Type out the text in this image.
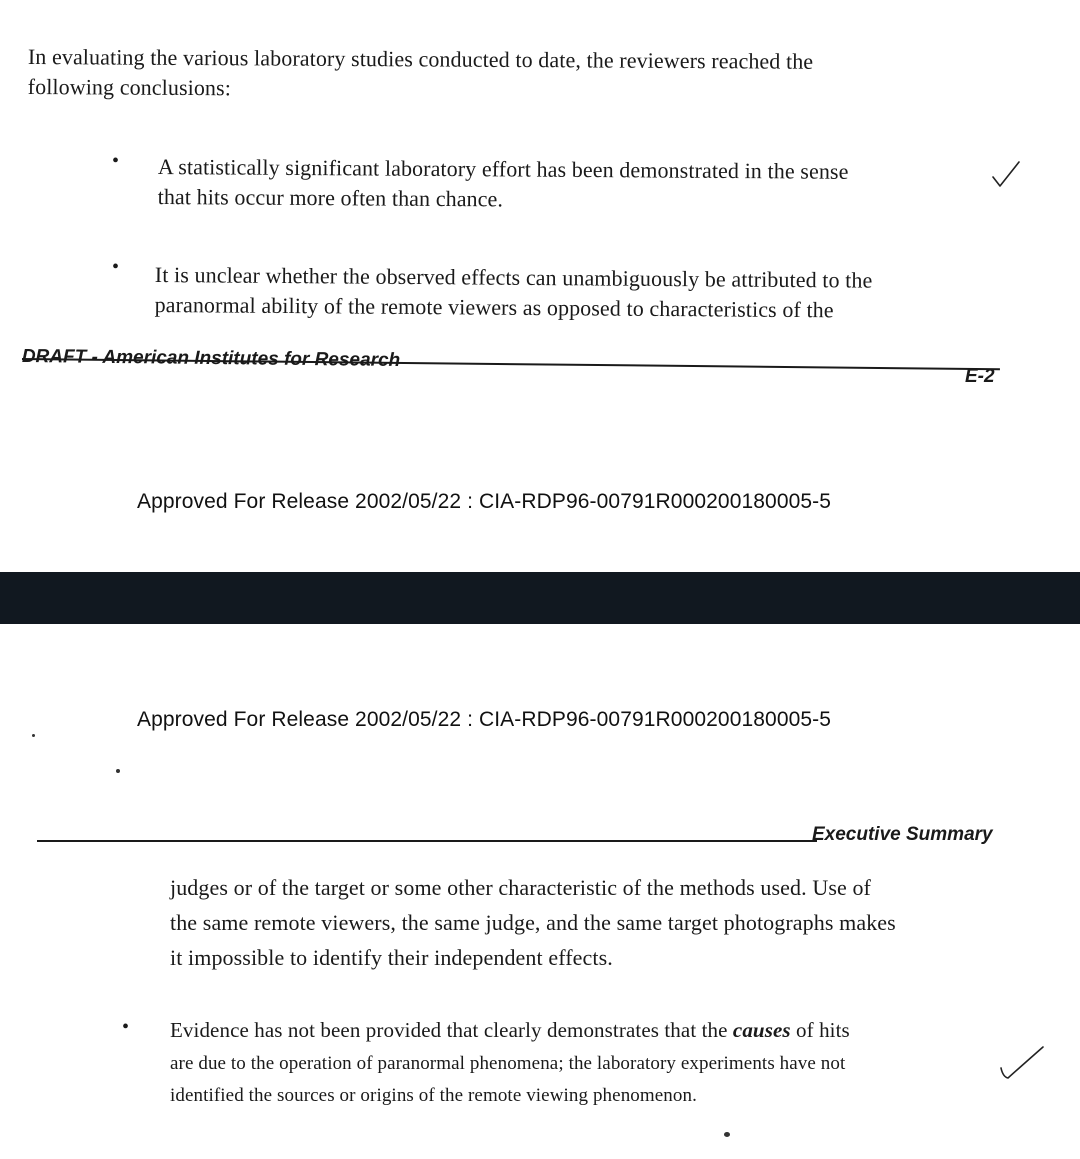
In evaluating the various laboratory studies conducted to date, the reviewers reached the
following conclusions:
• A statistically significant laboratory effort has been demonstrated in the sense
that hits occur more often than chance.
• It is unclear whether the observed effects can unambiguously be attributed to the
paranormal ability of the remote viewers as opposed to characteristics of the
DRAFT - American Institutes for Research
E-2
Approved For Release 2002/05/22 : CIA-RDP96-00791R000200180005-5
Approved For Release 2002/05/22 : CIA-RDP96-00791R000200180005-5
Executive Summary
judges or of the target or some other characteristic of the methods used. Use of
the same remote viewers, the same judge, and the same target photographs makes
it impossible to identify their independent effects.
• Evidence has not been provided that clearly demonstrates that the causes of hits
are due to the operation of paranormal phenomena; the laboratory experiments have not
identified the sources or origins of the remote viewing phenomenon.
